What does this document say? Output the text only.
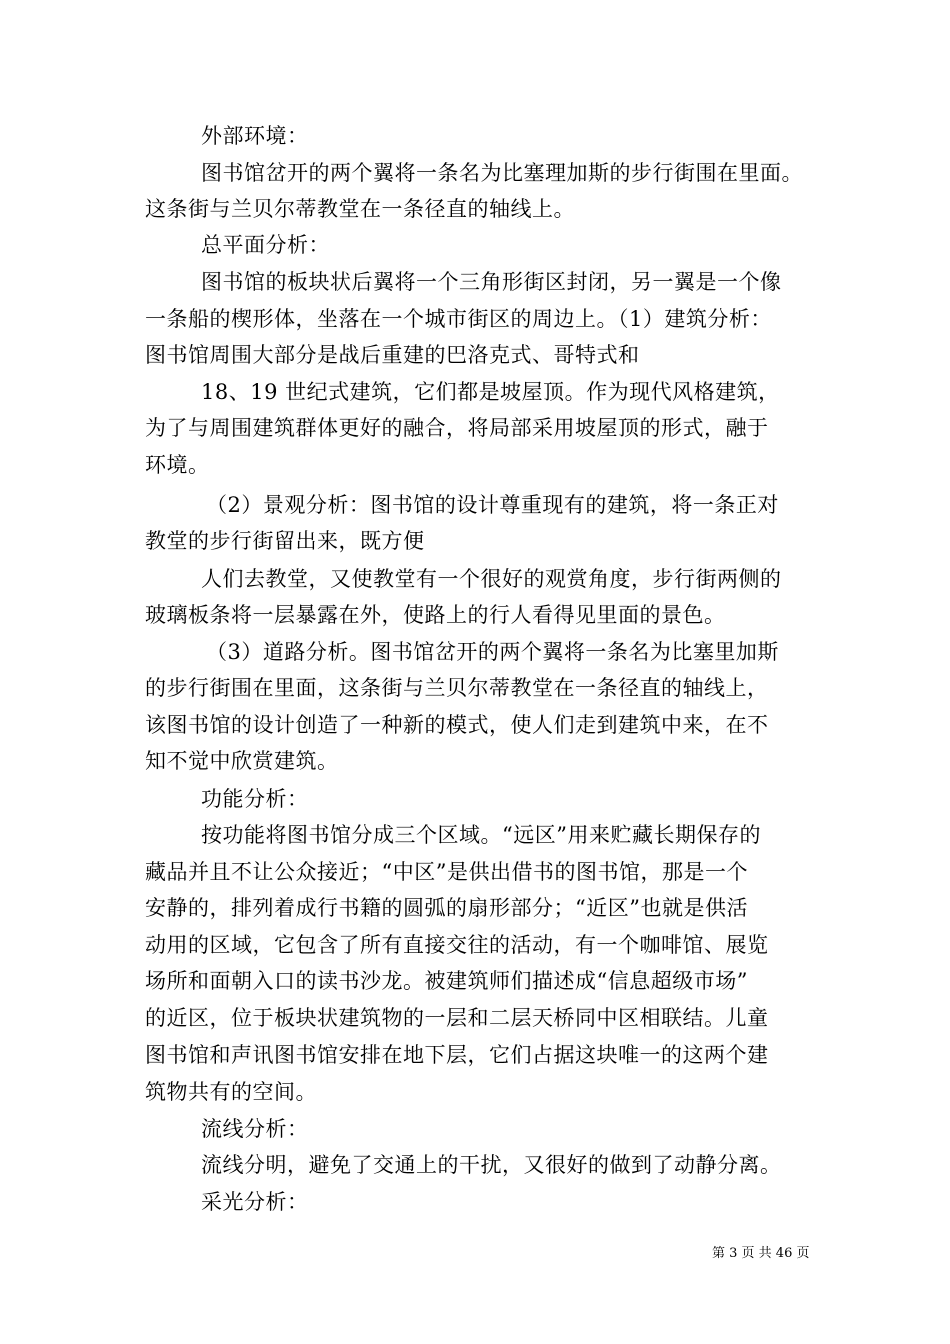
外部环境：
图书馆岔开的两个翼将一条名为比塞理加斯的步行街围在里面。
这条街与兰贝尔蒂教堂在一条径直的轴线上。
总平面分析：
图书馆的板块状后翼将一个三角形街区封闭，另一翼是一个像
一条船的楔形体，坐落在一个城市街区的周边上。（1）建筑分析：
图书馆周围大部分是战后重建的巴洛克式、哥特式和
18、19 世纪式建筑，它们都是坡屋顶。作为现代风格建筑，
为了与周围建筑群体更好的融合，将局部采用坡屋顶的形式，融于
环境。
（2）景观分析：图书馆的设计尊重现有的建筑，将一条正对
教堂的步行街留出来，既方便
人们去教堂，又使教堂有一个很好的观赏角度，步行街两侧的
玻璃板条将一层暴露在外，使路上的行人看得见里面的景色。
（3）道路分析。图书馆岔开的两个翼将一条名为比塞里加斯
的步行街围在里面，这条街与兰贝尔蒂教堂在一条径直的轴线上，
该图书馆的设计创造了一种新的模式，使人们走到建筑中来，在不
知不觉中欣赏建筑。
功能分析：
按功能将图书馆分成三个区域。“远区”用来贮藏长期保存的
藏品并且不让公众接近；“中区”是供出借书的图书馆，那是一个
安静的，排列着成行书籍的圆弧的扇形部分；“近区”也就是供活
动用的区域，它包含了所有直接交往的活动，有一个咖啡馆、展览
场所和面朝入口的读书沙龙。被建筑师们描述成“信息超级市场”
的近区，位于板块状建筑物的一层和二层天桥同中区相联结。儿童
图书馆和声讯图书馆安排在地下层，它们占据这块唯一的这两个建
筑物共有的空间。
流线分析：
流线分明，避免了交通上的干扰，又很好的做到了动静分离。
采光分析：
第 3 页 共 46 页
